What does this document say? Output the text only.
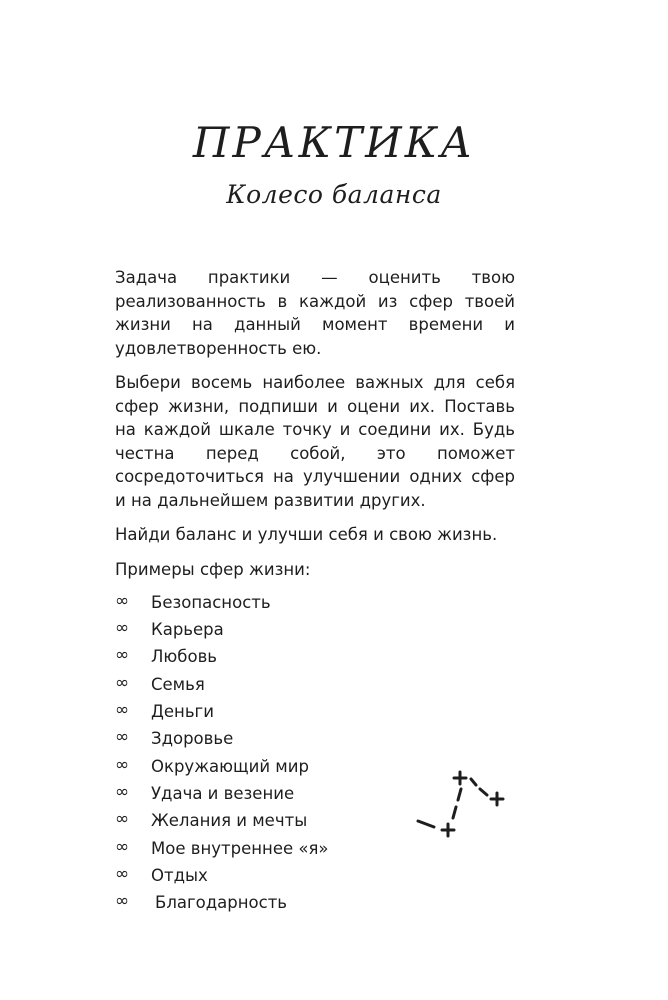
ПРАКТИКА
Колесо баланса

Задача практики — оценить твою реализованность в каждой из сфер твоей жизни на данный момент времени и удовлетворенность ею.

Выбери восемь наиболее важных для себя сфер жизни, подпиши и оцени их. Поставь на каждой шкале точку и соедини их. Будь честна перед собой, это поможет сосредоточиться на улучшении одних сфер и на дальнейшем развитии других.

Найди баланс и улучши себя и свою жизнь.

Примеры сфер жизни:

∞	Безопасность
∞	Карьера
∞	Любовь
∞	Семья
∞	Деньги
∞	Здоровье
∞	Окружающий мир
∞	Удача и везение
∞	Желания и мечты
∞	Мое внутреннее «я»
∞	Отдых
∞	Благодарность
